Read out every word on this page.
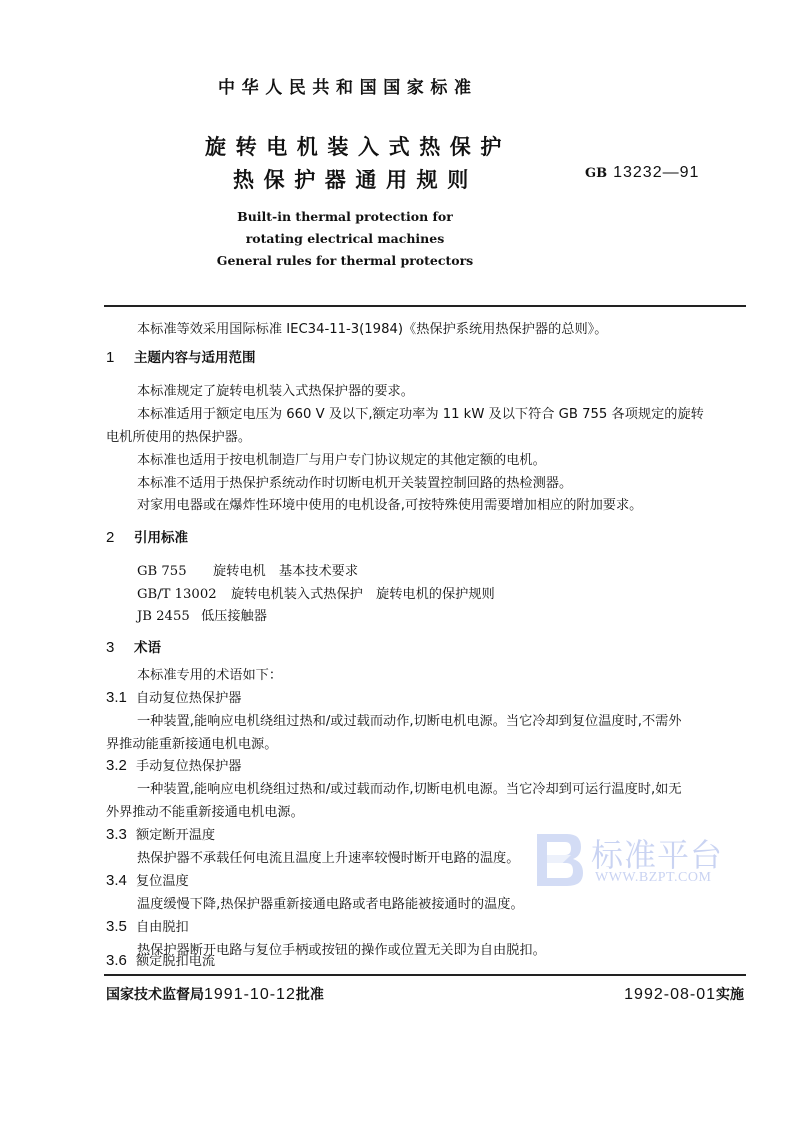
中华人民共和国国家标准
旋转电机装入式热保护
热保护器通用规则	GB 13232—91
Built-in thermal protection for
rotating electrical machines
General rules for thermal protectors
本标准等效采用国际标准 IEC34-11-3(1984)《热保护系统用热保护器的总则》。
1 主题内容与适用范围
本标准规定了旋转电机装入式热保护器的要求。
本标准适用于额定电压为 660 V 及以下,额定功率为 11 kW 及以下符合 GB 755 各项规定的旋转
电机所使用的热保护器。
本标准也适用于按电机制造厂与用户专门协议规定的其他定额的电机。
本标准不适用于热保护系统动作时切断电机开关装置控制回路的热检测器。
对家用电器或在爆炸性环境中使用的电机设备,可按特殊使用需要增加相应的附加要求。
2 引用标准
GB 755 旋转电机　基本技术要求
GB/T 13002 旋转电机装入式热保护　旋转电机的保护规则
JB 2455 低压接触器
3 术语
本标准专用的术语如下：
3.1 自动复位热保护器
一种装置,能响应电机绕组过热和/或过载而动作,切断电机电源。当它冷却到复位温度时,不需外
界推动能重新接通电机电源。
3.2 手动复位热保护器
一种装置,能响应电机绕组过热和/或过载而动作,切断电机电源。当它冷却到可运行温度时,如无
外界推动不能重新接通电机电源。
3.3 额定断开温度
热保护器不承载任何电流且温度上升速率较慢时断开电路的温度。
3.4 复位温度
温度缓慢下降,热保护器重新接通电路或者电路能被接通时的温度。
3.5 自由脱扣
热保护器断开电路与复位手柄或按钮的操作或位置无关即为自由脱扣。
3.6 额定脱扣电流
国家技术监督局1991-10-12批准	1992-08-01实施
标准平台
WWW.BZPT.COM
